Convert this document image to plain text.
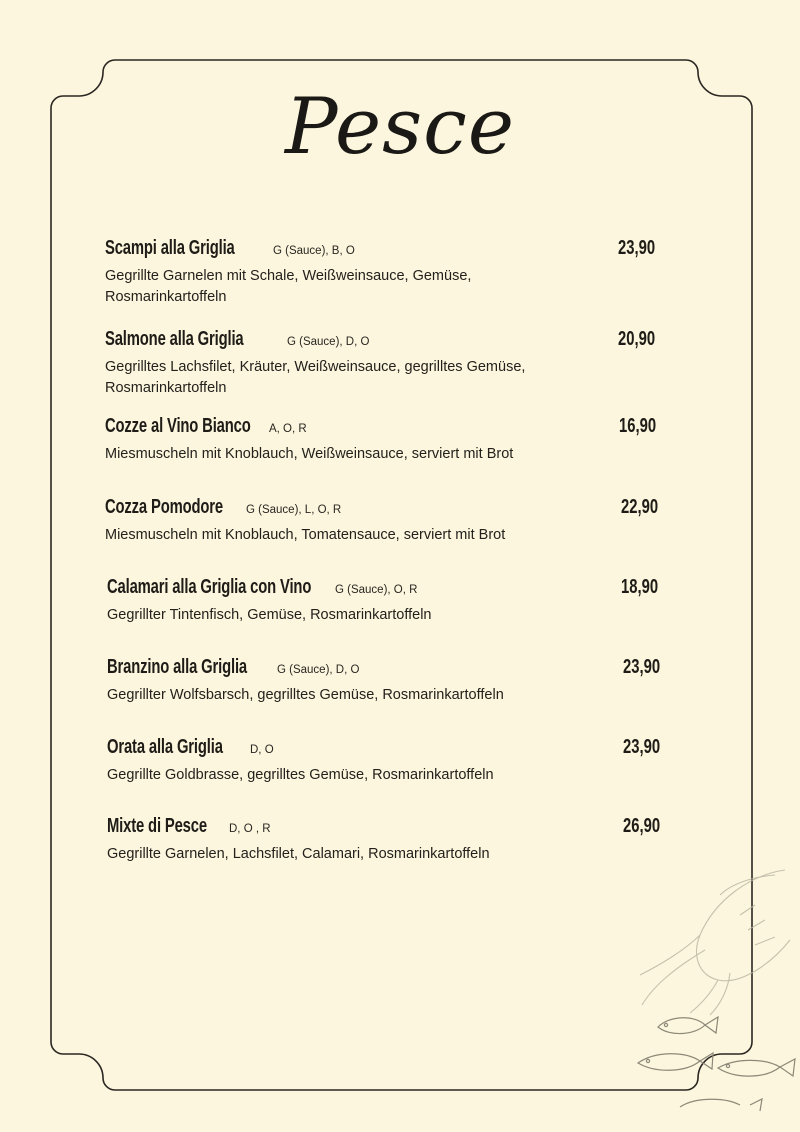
Pesce
Scampi alla Griglia	G (Sauce), B, O	23,90
Gegrillte Garnelen mit Schale, Weißweinsauce, Gemüse, Rosmarinkartoffeln
Salmone alla Griglia	G (Sauce), D, O	20,90
Gegrilltes Lachsfilet, Kräuter, Weißweinsauce, gegrilltes Gemüse, Rosmarinkartoffeln
Cozze al Vino Bianco A, O, R	16,90
Miesmuscheln mit Knoblauch, Weißweinsauce, serviert mit Brot
Cozza Pomodore G (Sauce), L, O, R	22,90
Miesmuscheln mit Knoblauch, Tomatensauce, serviert mit Brot
Calamari alla Griglia con Vino G (Sauce), O, R	18,90
Gegrillter Tintenfisch, Gemüse, Rosmarinkartoffeln
Branzino alla Griglia	G (Sauce), D, O	23,90
Gegrillter Wolfsbarsch, gegrilltes Gemüse, Rosmarinkartoffeln
Orata alla Griglia D, O	23,90
Gegrillte Goldbrasse, gegrilltes Gemüse, Rosmarinkartoffeln
Mixte di Pesce D, O , R	26,90
Gegrillte Garnelen, Lachsfilet, Calamari, Rosmarinkartoffeln
